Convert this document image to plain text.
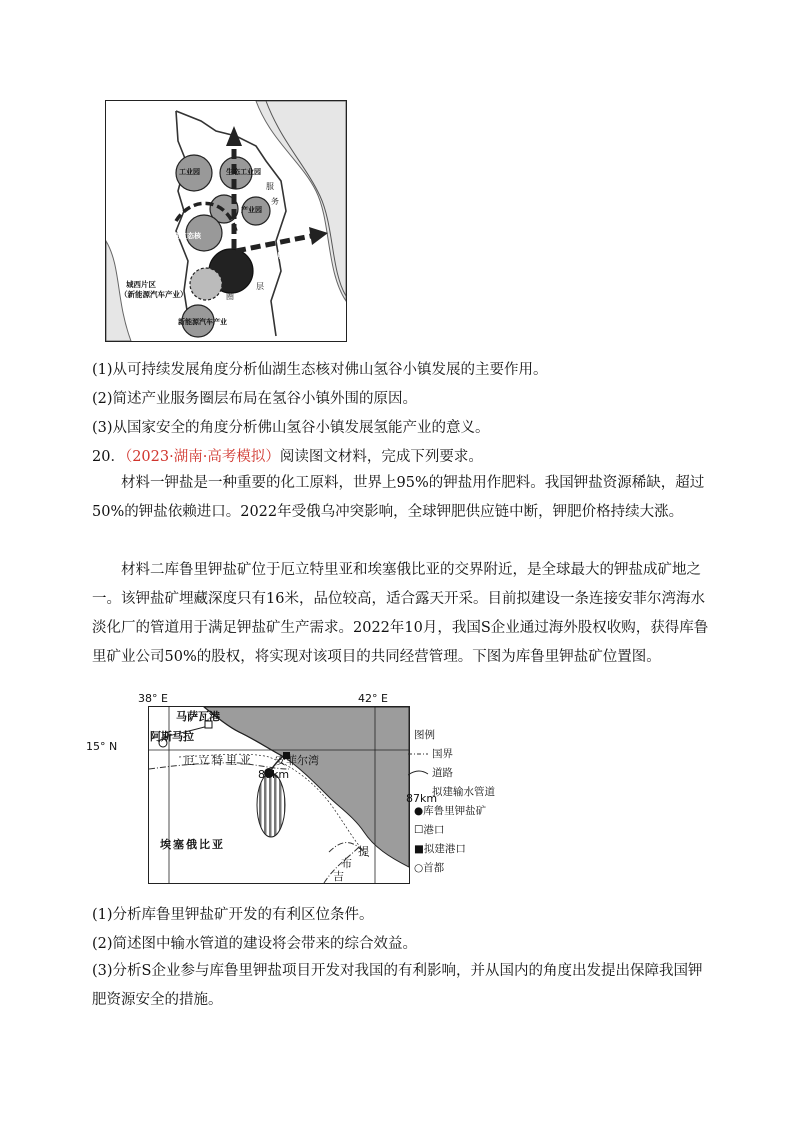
城西片区
（新能源汽车产业）
层
圈
仙湖生态核
向外拓展带
工业园	生态工业园
产业园
新能源汽车产业
服
务
(1)从可持续发展角度分析仙湖生态核对佛山氢谷小镇发展的主要作用。
(2)简述产业服务圈层布局在氢谷小镇外围的原因。
(3)从国家安全的角度分析佛山氢谷小镇发展氢能产业的意义。
20．（2023·湖南·高考模拟）阅读图文材料，完成下列要求。
材料一钾盐是一种重要的化工原料，世界上95%的钾盐用作肥料。我国钾盐资源稀缺，超过50%的钾盐依赖进口。2022年受俄乌冲突影响，全球钾肥供应链中断，钾肥价格持续大涨。
材料二库鲁里钾盐矿位于厄立特里亚和埃塞俄比亚的交界附近，是全球最大的钾盐成矿地之一。该钾盐矿埋藏深度只有16米，品位较高，适合露天开采。目前拟建设一条连接安菲尔湾海水淡化厂的管道用于满足钾盐矿生产需求。2022年10月，我国S企业通过海外股权收购，获得库鲁里矿业公司50%的股权，将实现对该项目的共同经营管理。下图为库鲁里钾盐矿位置图。
38° E	42° E
15° N
马萨瓦港
阿斯马拉
厄立特里亚 安菲尔湾
87km
埃塞俄比亚
吉
布
提
图例
国界
道路
87km
拟建输水管道
●库鲁里钾盐矿
☐港口
■拟建港口
○首都
(1)分析库鲁里钾盐矿开发的有利区位条件。
(2)简述图中输水管道的建设将会带来的综合效益。
(3)分析S企业参与库鲁里钾盐项目开发对我国的有利影响，并从国内的角度出发提出保障我国钾肥资源安全的措施。
